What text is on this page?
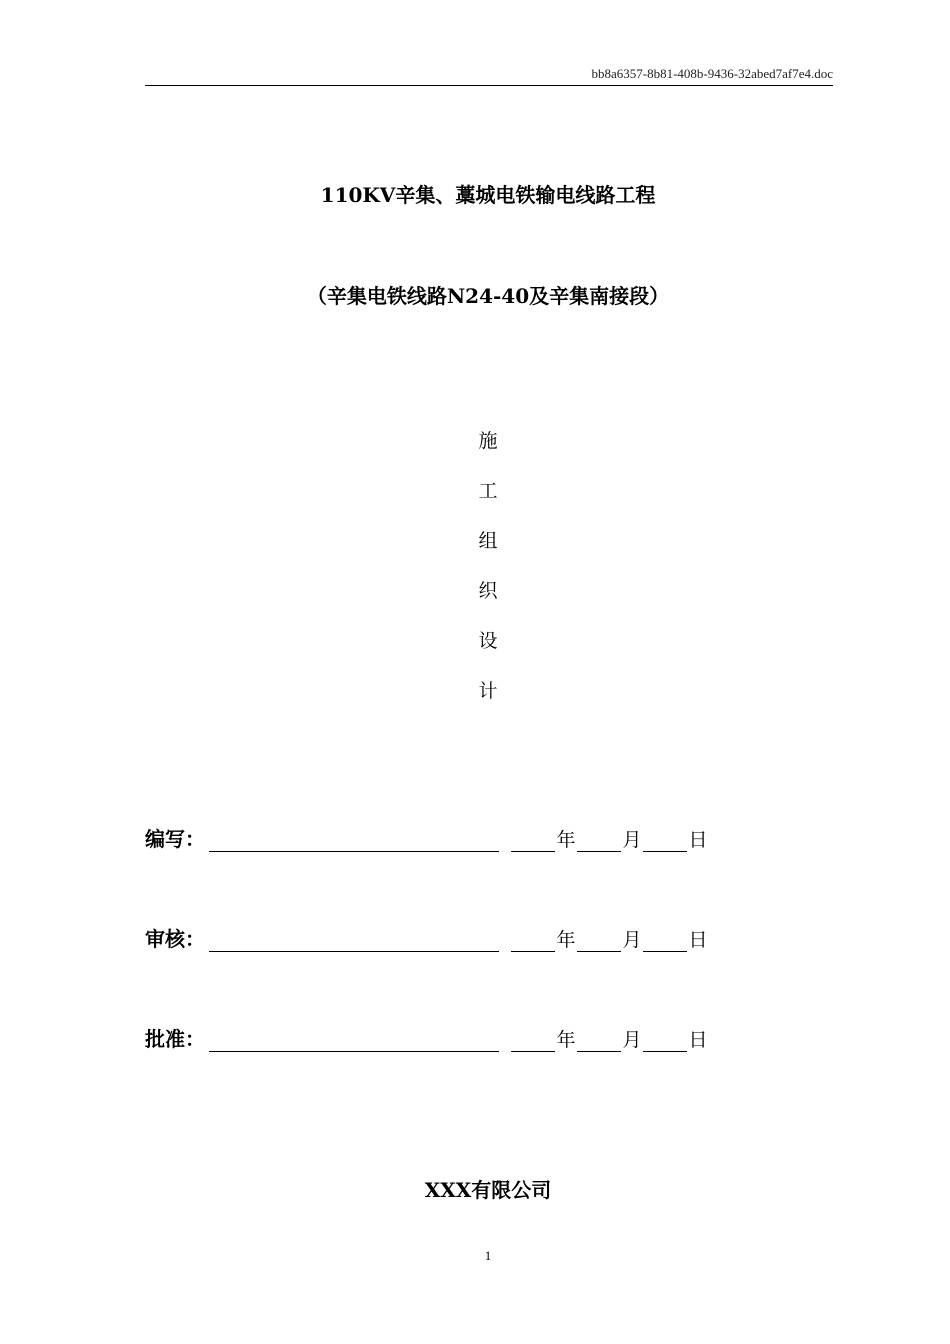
bb8a6357-8b81-408b-9436-32abed7af7e4.doc
110KV辛集、藁城电铁输电线路工程
（辛集电铁线路N24-40及辛集南接段）
施
工
组
织
设
计
编写：	年 月 日
审核：	年 月 日
批准：	年 月 日
XXX有限公司
1
